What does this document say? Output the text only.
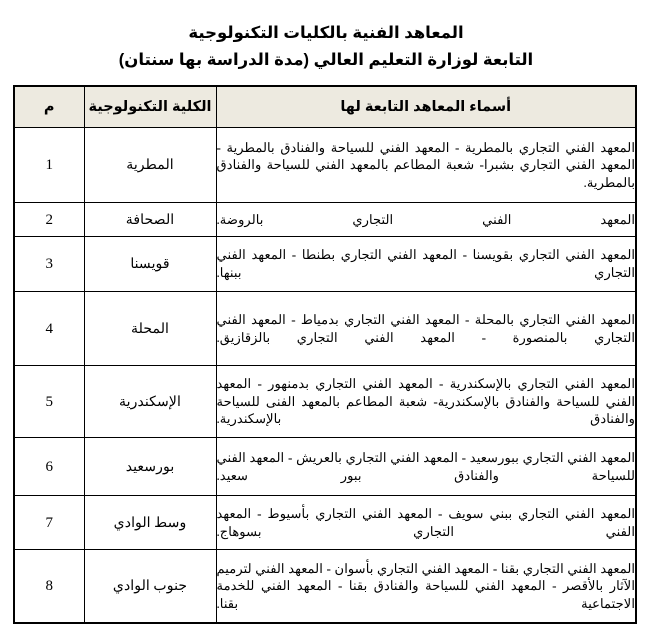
المعاهد الفنية بالكليات التكنولوجية
التابعة لوزارة التعليم العالي (مدة الدراسة بها سنتان)
أسماء المعاهد التابعة لها	الكلية التكنولوجية	م
المعهد الفني التجاري بالمطرية - المعهد الفني للسياحة والفنادق بالمطرية - المعهد الفني التجاري بشبرا- شعبة المطاعم بالمعهد الفني للسياحة والفنادق بالمطرية.	المطرية	1
المعهد الفني التجاري بالروضة.	الصحافة	2
المعهد الفني التجاري بقويسنا - المعهد الفني التجاري بطنطا - المعهد الفني التجاري ببنها.	قويسنا	3
المعهد الفني التجاري بالمحلة - المعهد الفني التجاري بدمياط - المعهد الفني التجاري بالمنصورة - المعهد الفني التجاري بالزقازيق.	المحلة	4
المعهد الفني التجاري بالإسكندرية - المعهد الفني التجاري بدمنهور - المعهد الفني للسياحة والفنادق بالإسكندرية- شعبة المطاعم بالمعهد الفنى للسياحة والفنادق بالإسكندرية.	الإسكندرية	5
المعهد الفني التجاري ببورسعيد - المعهد الفني التجاري بالعريش - المعهد الفني للسياحة والفنادق ببور سعيد.	بورسعيد	6
المعهد الفني التجاري ببني سويف - المعهد الفني التجاري بأسيوط - المعهد الفني التجاري بسوهاج.	وسط الوادي	7
المعهد الفني التجاري بقنا - المعهد الفني التجاري بأسوان - المعهد الفني لترميم الآثار بالأقصر - المعهد الفني للسياحة والفنادق بقنا - المعهد الفني للخدمة الاجتماعية بقنا.	جنوب الوادي	8
